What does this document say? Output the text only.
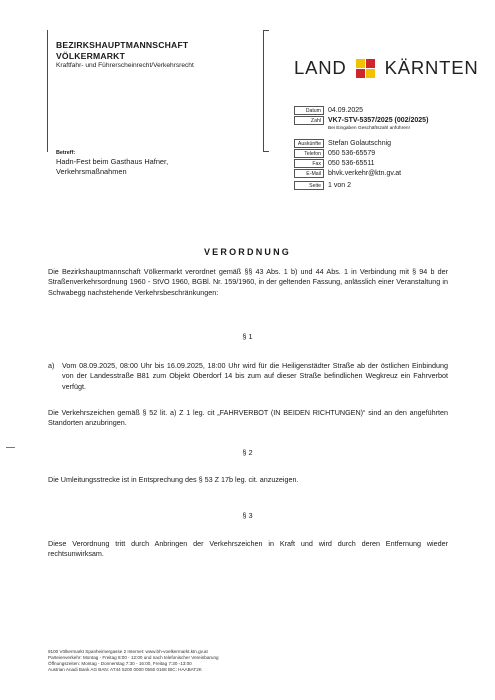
BEZIRKSHAUPTMANNSCHAFT
VÖLKERMARKT
Kraftfahr- und Führerscheinrecht/Verkehrsrecht	LAND KÄRNTEN
Datum	04.09.2025
Zahl	VK7-STV-5357/2025 (002/2025)
Bei Eingaben Geschäftszahl anführen!
Auskünfte	Stefan Golautschnig
Telefon	050 536-65579
Fax	050 536-65511
E-Mail	bhvk.verkehr@ktn.gv.at
Seite	1 von 2
Betreff:
Hadn-Fest beim Gasthaus Hafner,
Verkehrsmaßnahmen
VERORDNUNG
Die Bezirkshauptmannschaft Völkermarkt verordnet gemäß §§ 43 Abs. 1 b) und 44 Abs. 1 in Verbindung mit § 94 b der Straßenverkehrsordnung 1960 - StVO 1960, BGBl. Nr. 159/1960, in der geltenden Fassung, anlässlich einer Veranstaltung in Schwabegg nachstehende Verkehrsbeschränkungen:
§ 1
a) Vom 08.09.2025, 08:00 Uhr bis 16.09.2025, 18:00 Uhr wird für die Heiligenstädter Straße ab der östlichen Einbindung von der Landesstraße B81 zum Objekt Oberdorf 14 bis zum auf dieser Straße befindlichen Wegkreuz ein Fahrverbot verfügt.
Die Verkehrszeichen gemäß § 52 lit. a) Z 1 leg. cit „FAHRVERBOT (IN BEIDEN RICHTUNGEN)“ sind an den angeführten Standorten anzubringen.
§ 2
Die Umleitungsstrecke ist in Entsprechung des § 53 Z 17b leg. cit. anzuzeigen.
§ 3
Diese Verordnung tritt durch Anbringen der Verkehrszeichen in Kraft und wird durch deren Entfernung wieder rechtsunwirksam.
9100 Völkermarkt Spanheimergasse 2 Internet: www.bh-voelkermarkt.ktn.gv.at
Parteienverkehr: Montag - Freitag 8:00 - 12:00 und nach telefonischer Vereinbarung
Öffnungszeiten: Montag - Donnerstag 7:30 - 16:00, Freitag 7:30 -13:00
Austrian Anadi Bank AG BAN: AT44 5200 0000 0550 0168 BIC: HAABAT2K
